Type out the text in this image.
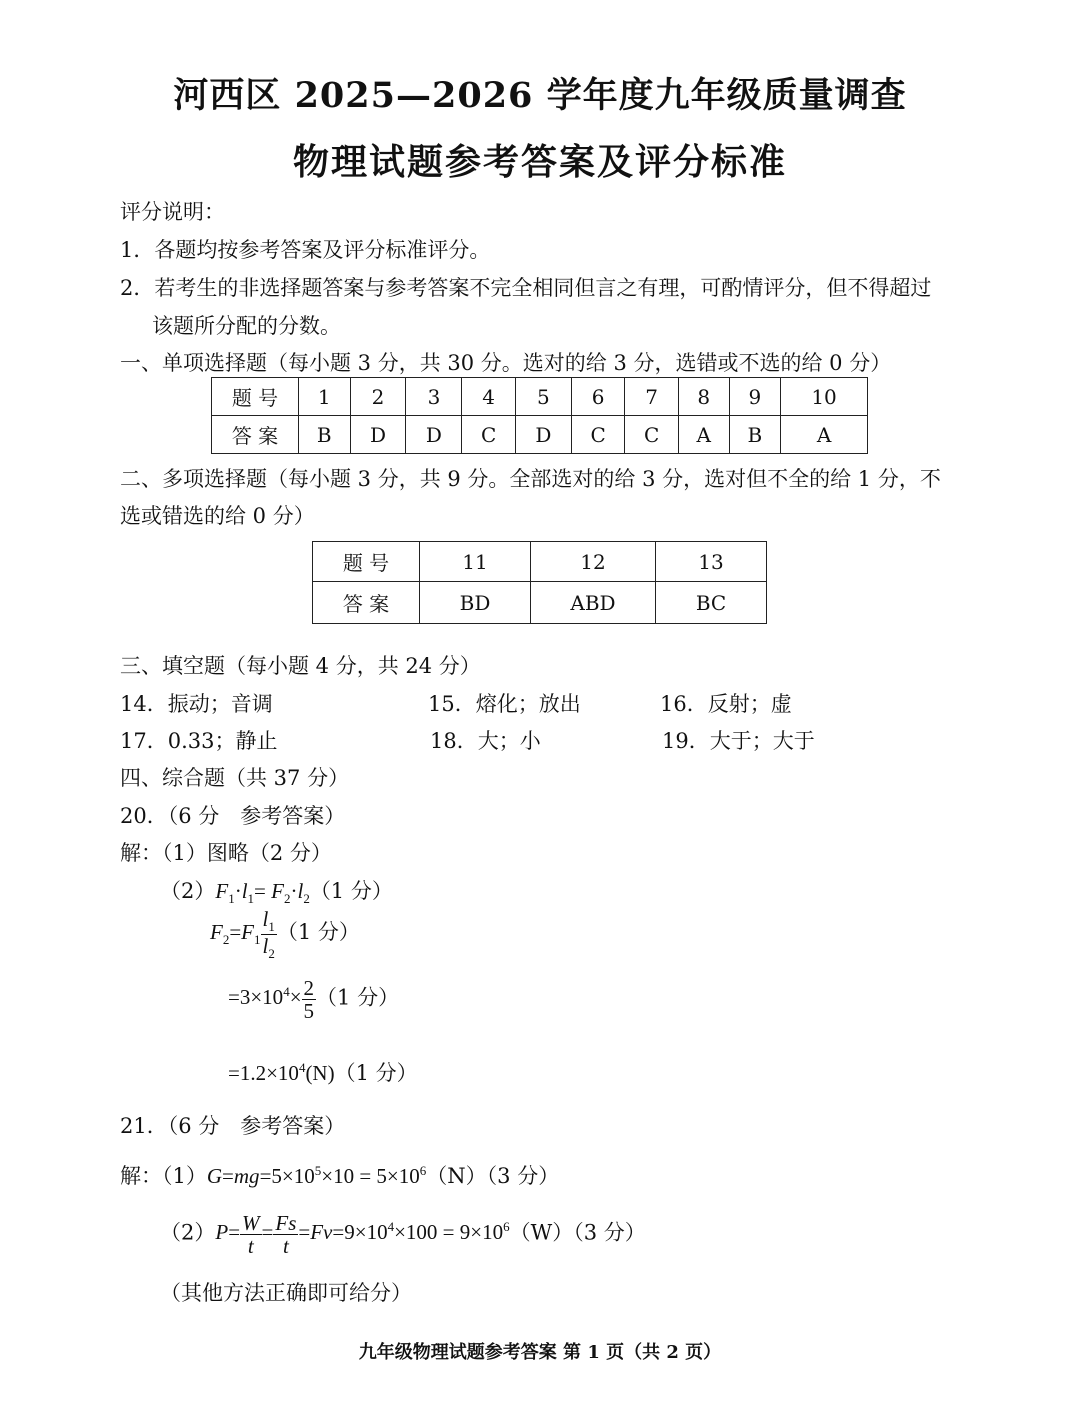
河西区 2025—2026 学年度九年级质量调查
物理试题参考答案及评分标准
评分说明：
1．各题均按参考答案及评分标准评分。
2．若考生的非选择题答案与参考答案不完全相同但言之有理，可酌情评分，但不得超过
该题所分配的分数。
一、单项选择题（每小题 3 分，共 30 分。选对的给 3 分，选错或不选的给 0 分）
题 号	1	2	3	4	5	6	7	8	9	10
答 案	B	D	D	C	D	C	C	A	B	A
二、多项选择题（每小题 3 分，共 9 分。全部选对的给 3 分，选对但不全的给 1 分，不
选或错选的给 0 分）
题 号	11	12	13
答 案	BD	ABD	BC
三、填空题（每小题 4 分，共 24 分）
14．振动；音调	15．熔化；放出	16．反射；虚
17．0.33；静止	18．大；小	19．大于；大于
四、综合题（共 37 分）
20．（6 分　参考答案）
解：（1）图略（2 分）
$(2)F_1\cdot l_1= F_2\cdot l_2(1$ 分）
$F_2=F_1 \frac{l_1}{l_2} (1$ 分）
$=3\times 10^4\times \frac{2}{5} (1$ 分）
$=1.2\times 10^4(N)(1$ 分）
21．（6 分　参考答案）
解：$(1)G=mg=5\times 10^5\times 10 = 5\times 10^6(N)(3$ 分）
$(2)P= \frac{W}{t} = \frac{Fs}{t} =Fv=9\times 10^4\times 100 = 9\times 10^6(W)(3$ 分）
（其他方法正确即可给分）
九年级物理试题参考答案 第 1 页（共 2 页）
